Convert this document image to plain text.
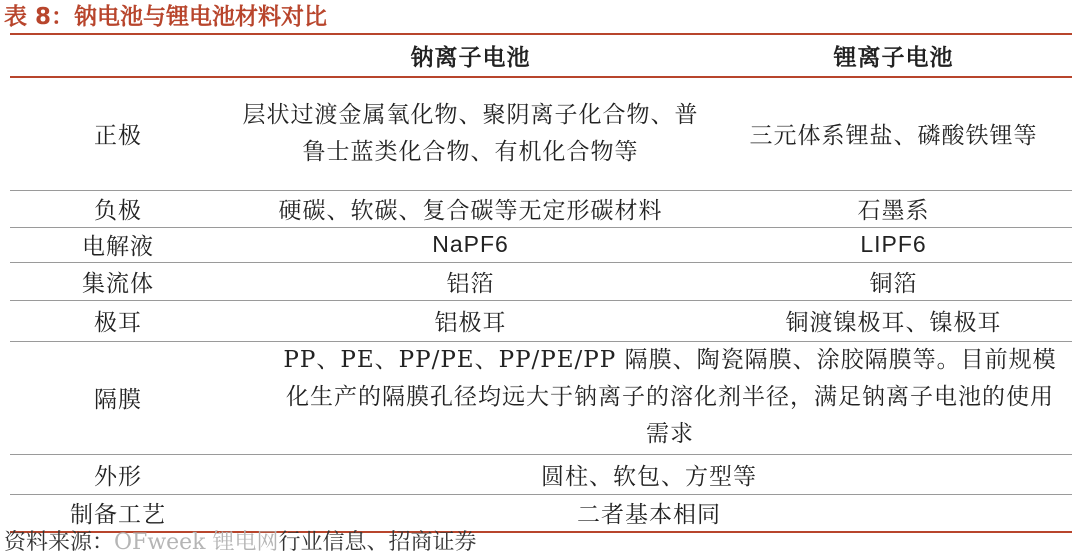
表 8：钠电池与锂电池材料对比
	钠离子电池	锂离子电池
正极	层状过渡金属氧化物、聚阴离子化合物、普鲁士蓝类化合物、有机化合物等	三元体系锂盐、磷酸铁锂等
负极	硬碳、软碳、复合碳等无定形碳材料	石墨系
电解液	NaPF6	LIPF6
集流体	铝箔	铜箔
极耳	铝极耳	铜渡镍极耳、镍极耳
隔膜	PP、PE、PP/PE、PP/PE/PP 隔膜、陶瓷隔膜、涂胶隔膜等。目前规模化生产的隔膜孔径均远大于钠离子的溶化剂半径，满足钠离子电池的使用需求	
外形	圆柱、软包、方型等	
制备工艺	二者基本相同	
资料来源：OFweek 锂电网行业信息、招商证券
